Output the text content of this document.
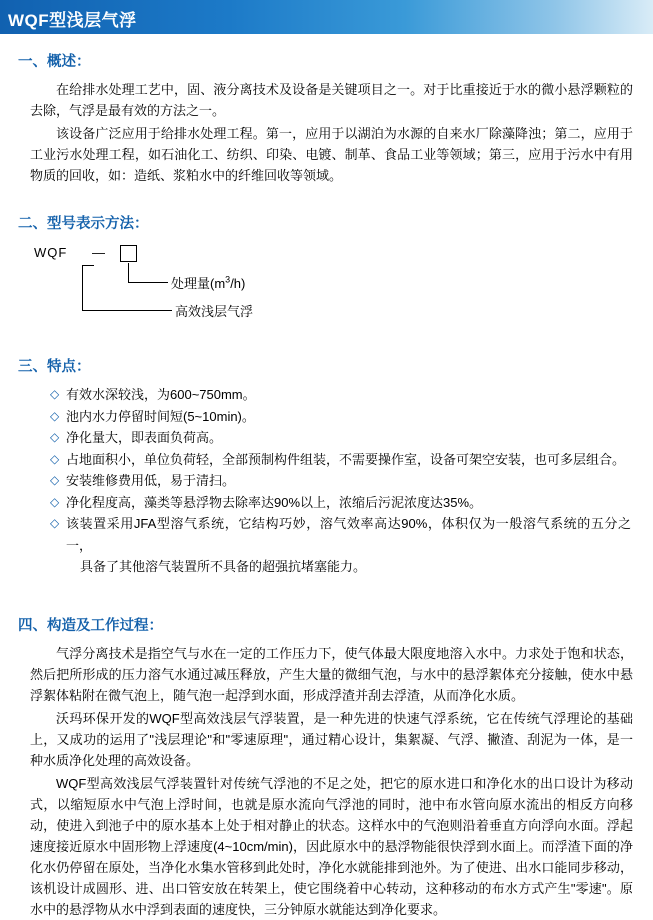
WQF型浅层气浮
一、概述：

在给排水处理工艺中，固、液分离技术及设备是关键项目之一。对于比重接近于水的微小悬浮颗粒的去除，气浮是最有效的方法之一。

该设备广泛应用于给排水处理工程。第一，应用于以湖泊为水源的自来水厂除藻降浊；第二，应用于工业污水处理工程，如石油化工、纺织、印染、电镀、制革、食品工业等领域；第三，应用于污水中有用物质的回收，如：造纸、浆粕水中的纤维回收等领域。

二、型号表示方法：
WQF —
处理量$(m^3/h)$
高效浅层气浮
三、特点：
◇ 有效水深较浅，为600~750mm。
◇ 池内水力停留时间短(5~10min)。
◇ 净化量大，即表面负荷高。
◇ 占地面积小，单位负荷轻，全部预制构件组装，不需要操作室，设备可架空安装，也可多层组合。
◇ 安装维修费用低，易于清扫。
◇ 净化程度高，藻类等悬浮物去除率达90%以上，浓缩后污泥浓度达35%。
◇ 该装置采用JFA型溶气系统，它结构巧妙，溶气效率高达90%，体积仅为一般溶气系统的五分之一，
具备了其他溶气装置所不具备的超强抗堵塞能力。
四、构造及工作过程：

气浮分离技术是指空气与水在一定的工作压力下，使气体最大限度地溶入水中。力求处于饱和状态，然后把所形成的压力溶气水通过减压释放，产生大量的微细气泡，与水中的悬浮絮体充分接触，使水中悬浮絮体粘附在微气泡上，随气泡一起浮到水面，形成浮渣并刮去浮渣，从而净化水质。

沃玛环保开发的WQF型高效浅层气浮装置，是一种先进的快速气浮系统，它在传统气浮理论的基础上，又成功的运用了"浅层理论"和"零速原理"，通过精心设计，集絮凝、气浮、撇渣、刮泥为一体，是一种水质净化处理的高效设备。

WQF型高效浅层气浮装置针对传统气浮池的不足之处，把它的原水进口和净化水的出口设计为移动式，以缩短原水中气泡上浮时间，也就是原水流向气浮池的同时，池中布水管向原水流出的相反方向移动，使进入到池子中的原水基本上处于相对静止的状态。这样水中的气泡则沿着垂直方向浮向水面。浮起速度接近原水中固形物上浮速度(4~10cm/min)，因此原水中的悬浮物能很快浮到水面上。而浮渣下面的净化水仍停留在原处，当净化水集水管移到此处时，净化水就能排到池外。为了使进、出水口能同步移动，该机设计成圆形、进、出口管安放在转架上，使它围绕着中心转动，这种移动的布水方式产生"零速"。原水中的悬浮物从水中浮到表面的速度快，三分钟原水就能达到净化要求。
